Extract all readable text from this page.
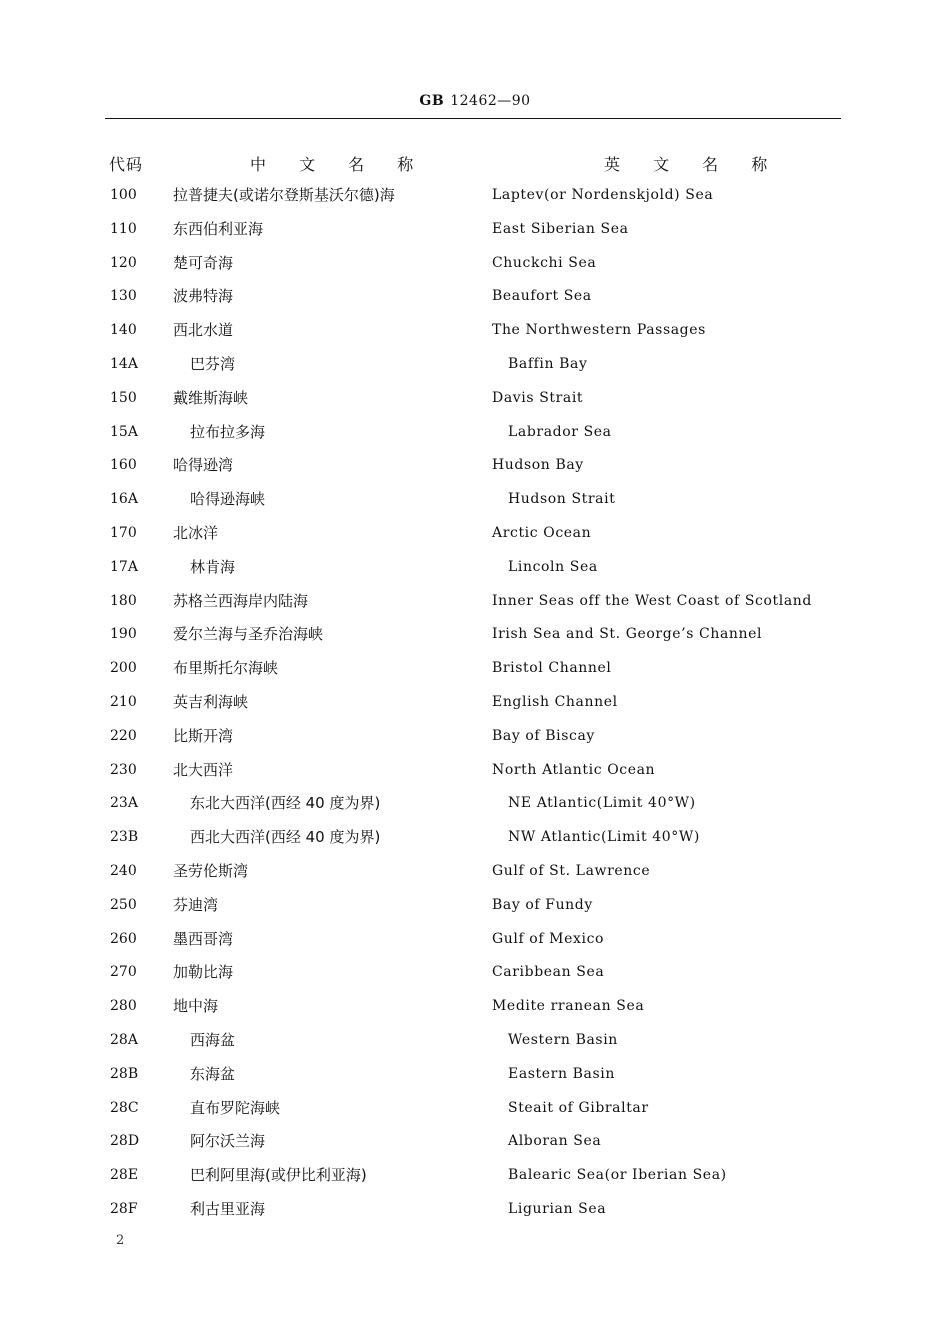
GB 12462—90
代码	中 文 名 称	英 文 名 称
100 拉普捷夫(或诺尔登斯基沃尔德)海	Laptev(or Nordenskjold) Sea
110 东西伯利亚海	East Siberian Sea
120 楚可奇海	Chuckchi Sea
130 波弗特海	Beaufort Sea
140 西北水道	The Northwestern Passages
14A	巴芬湾	Baffin Bay
150 戴维斯海峡	Davis Strait
15A	拉布拉多海	Labrador Sea
160 哈得逊湾	Hudson Bay
16A	哈得逊海峡	Hudson Strait
170 北冰洋	Arctic Ocean
17A	林肯海	Lincoln Sea
180 苏格兰西海岸内陆海	Inner Seas off the West Coast of Scotland
190 爱尔兰海与圣乔治海峡	Irish Sea and St. George’s Channel
200 布里斯托尔海峡	Bristol Channel
210 英吉利海峡	English Channel
220 比斯开湾	Bay of Biscay
230 北大西洋	North Atlantic Ocean
23A	东北大西洋(西经 40 度为界)	NE Atlantic(Limit 40°W)
23B	西北大西洋(西经 40 度为界)	NW Atlantic(Limit 40°W)
240 圣劳伦斯湾	Gulf of St. Lawrence
250 芬迪湾	Bay of Fundy
260 墨西哥湾	Gulf of Mexico
270 加勒比海	Caribbean Sea
280 地中海	Medite rranean Sea
28A	西海盆	Western Basin
28B	东海盆	Eastern Basin
28C	直布罗陀海峡	Steait of Gibraltar
28D	阿尔沃兰海	Alboran Sea
28E	巴利阿里海(或伊比利亚海)	Balearic Sea(or Iberian Sea)
28F	利古里亚海	Ligurian Sea
2
